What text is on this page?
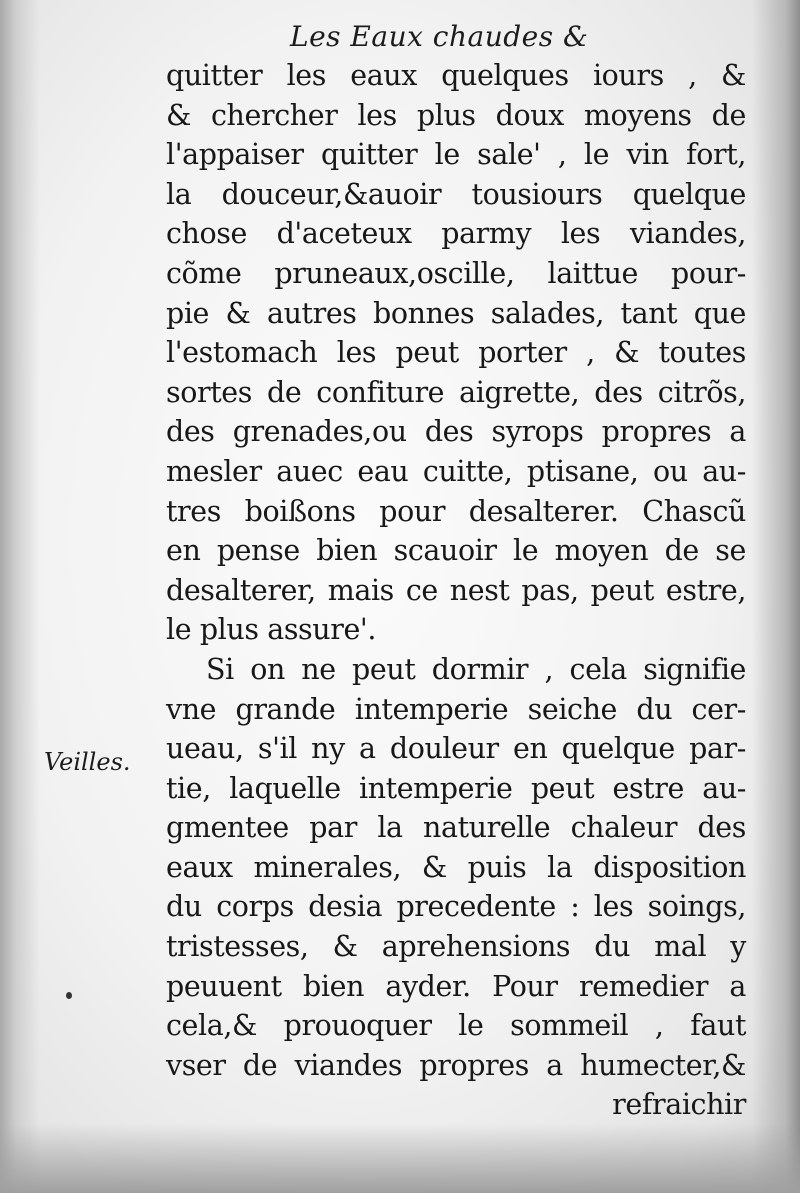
Les Eaux chaudes &
Veilles.
quitter les eaux quelques iours , &
& chercher les plus doux moyens de
l'appaiser quitter le sale' , le vin fort,
la douceur,&auoir tousiours quelque
chose d'aceteux parmy les viandes,
cõme pruneaux,oscille, laittue pour-
pie & autres bonnes salades, tant que
l'estomach les peut porter , & toutes
sortes de confiture aigrette, des citrõs,
des grenades,ou des syrops propres a
mesler auec eau cuitte, ptisane, ou au-
tres boißons pour desalterer. Chascũ
en pense bien scauoir le moyen de se
desalterer, mais ce nest pas, peut estre,
le plus assure'.
Si on ne peut dormir , cela signifie
vne grande intemperie seiche du cer-
ueau, s'il ny a douleur en quelque par-
tie, laquelle intemperie peut estre au-
gmentee par la naturelle chaleur des
eaux minerales, & puis la disposition
du corps desia precedente : les soings,
tristesses, & aprehensions du mal y
peuuent bien ayder. Pour remedier a
cela,& prouoquer le sommeil , faut
vser de viandes propres a humecter,&
refraichir
